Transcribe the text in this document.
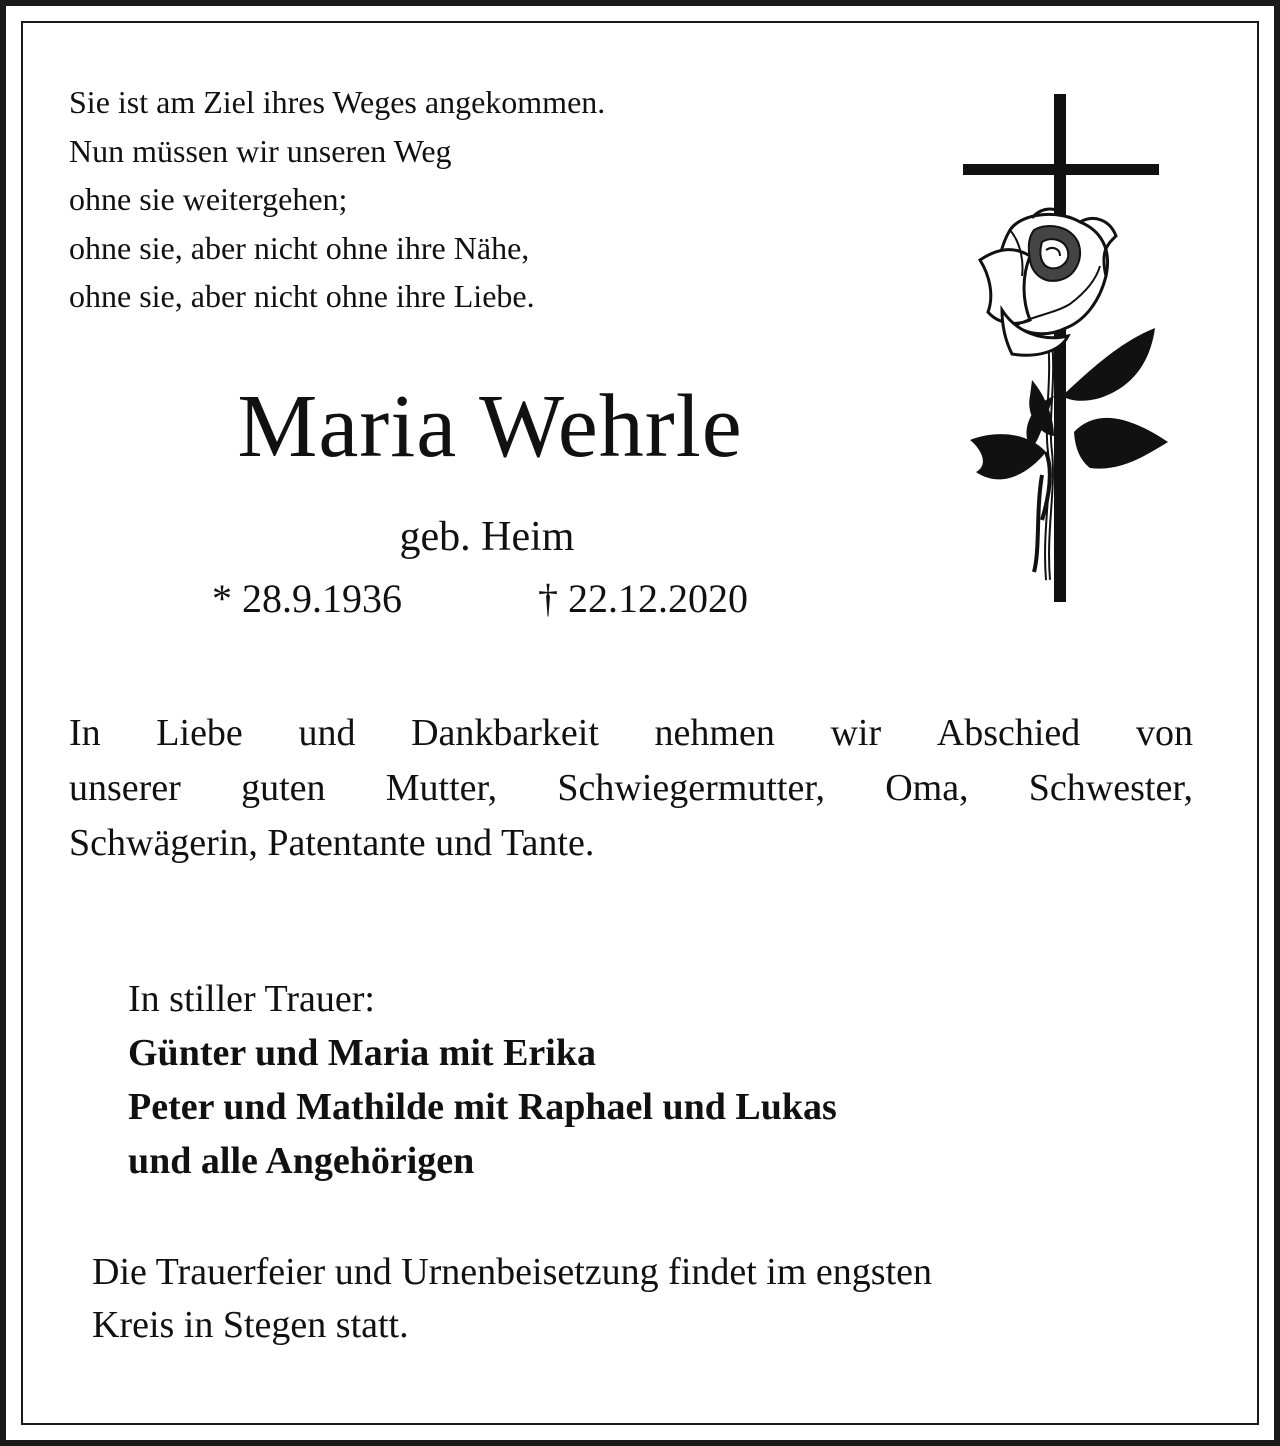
Sie ist am Ziel ihres Weges angekommen.
Nun müssen wir unseren Weg
ohne sie weitergehen;
ohne sie, aber nicht ohne ihre Nähe,
ohne sie, aber nicht ohne ihre Liebe.
Maria Wehrle
geb. Heim
* 28.9.1936	† 22.12.2020
In Liebe und Dankbarkeit nehmen wir Abschied von
unserer guten Mutter, Schwiegermutter, Oma, Schwester,
Schwägerin, Patentante und Tante.
In stiller Trauer:
Günter und Maria mit Erika
Peter und Mathilde mit Raphael und Lukas
und alle Angehörigen
Die Trauerfeier und Urnenbeisetzung findet im engsten
Kreis in Stegen statt.
